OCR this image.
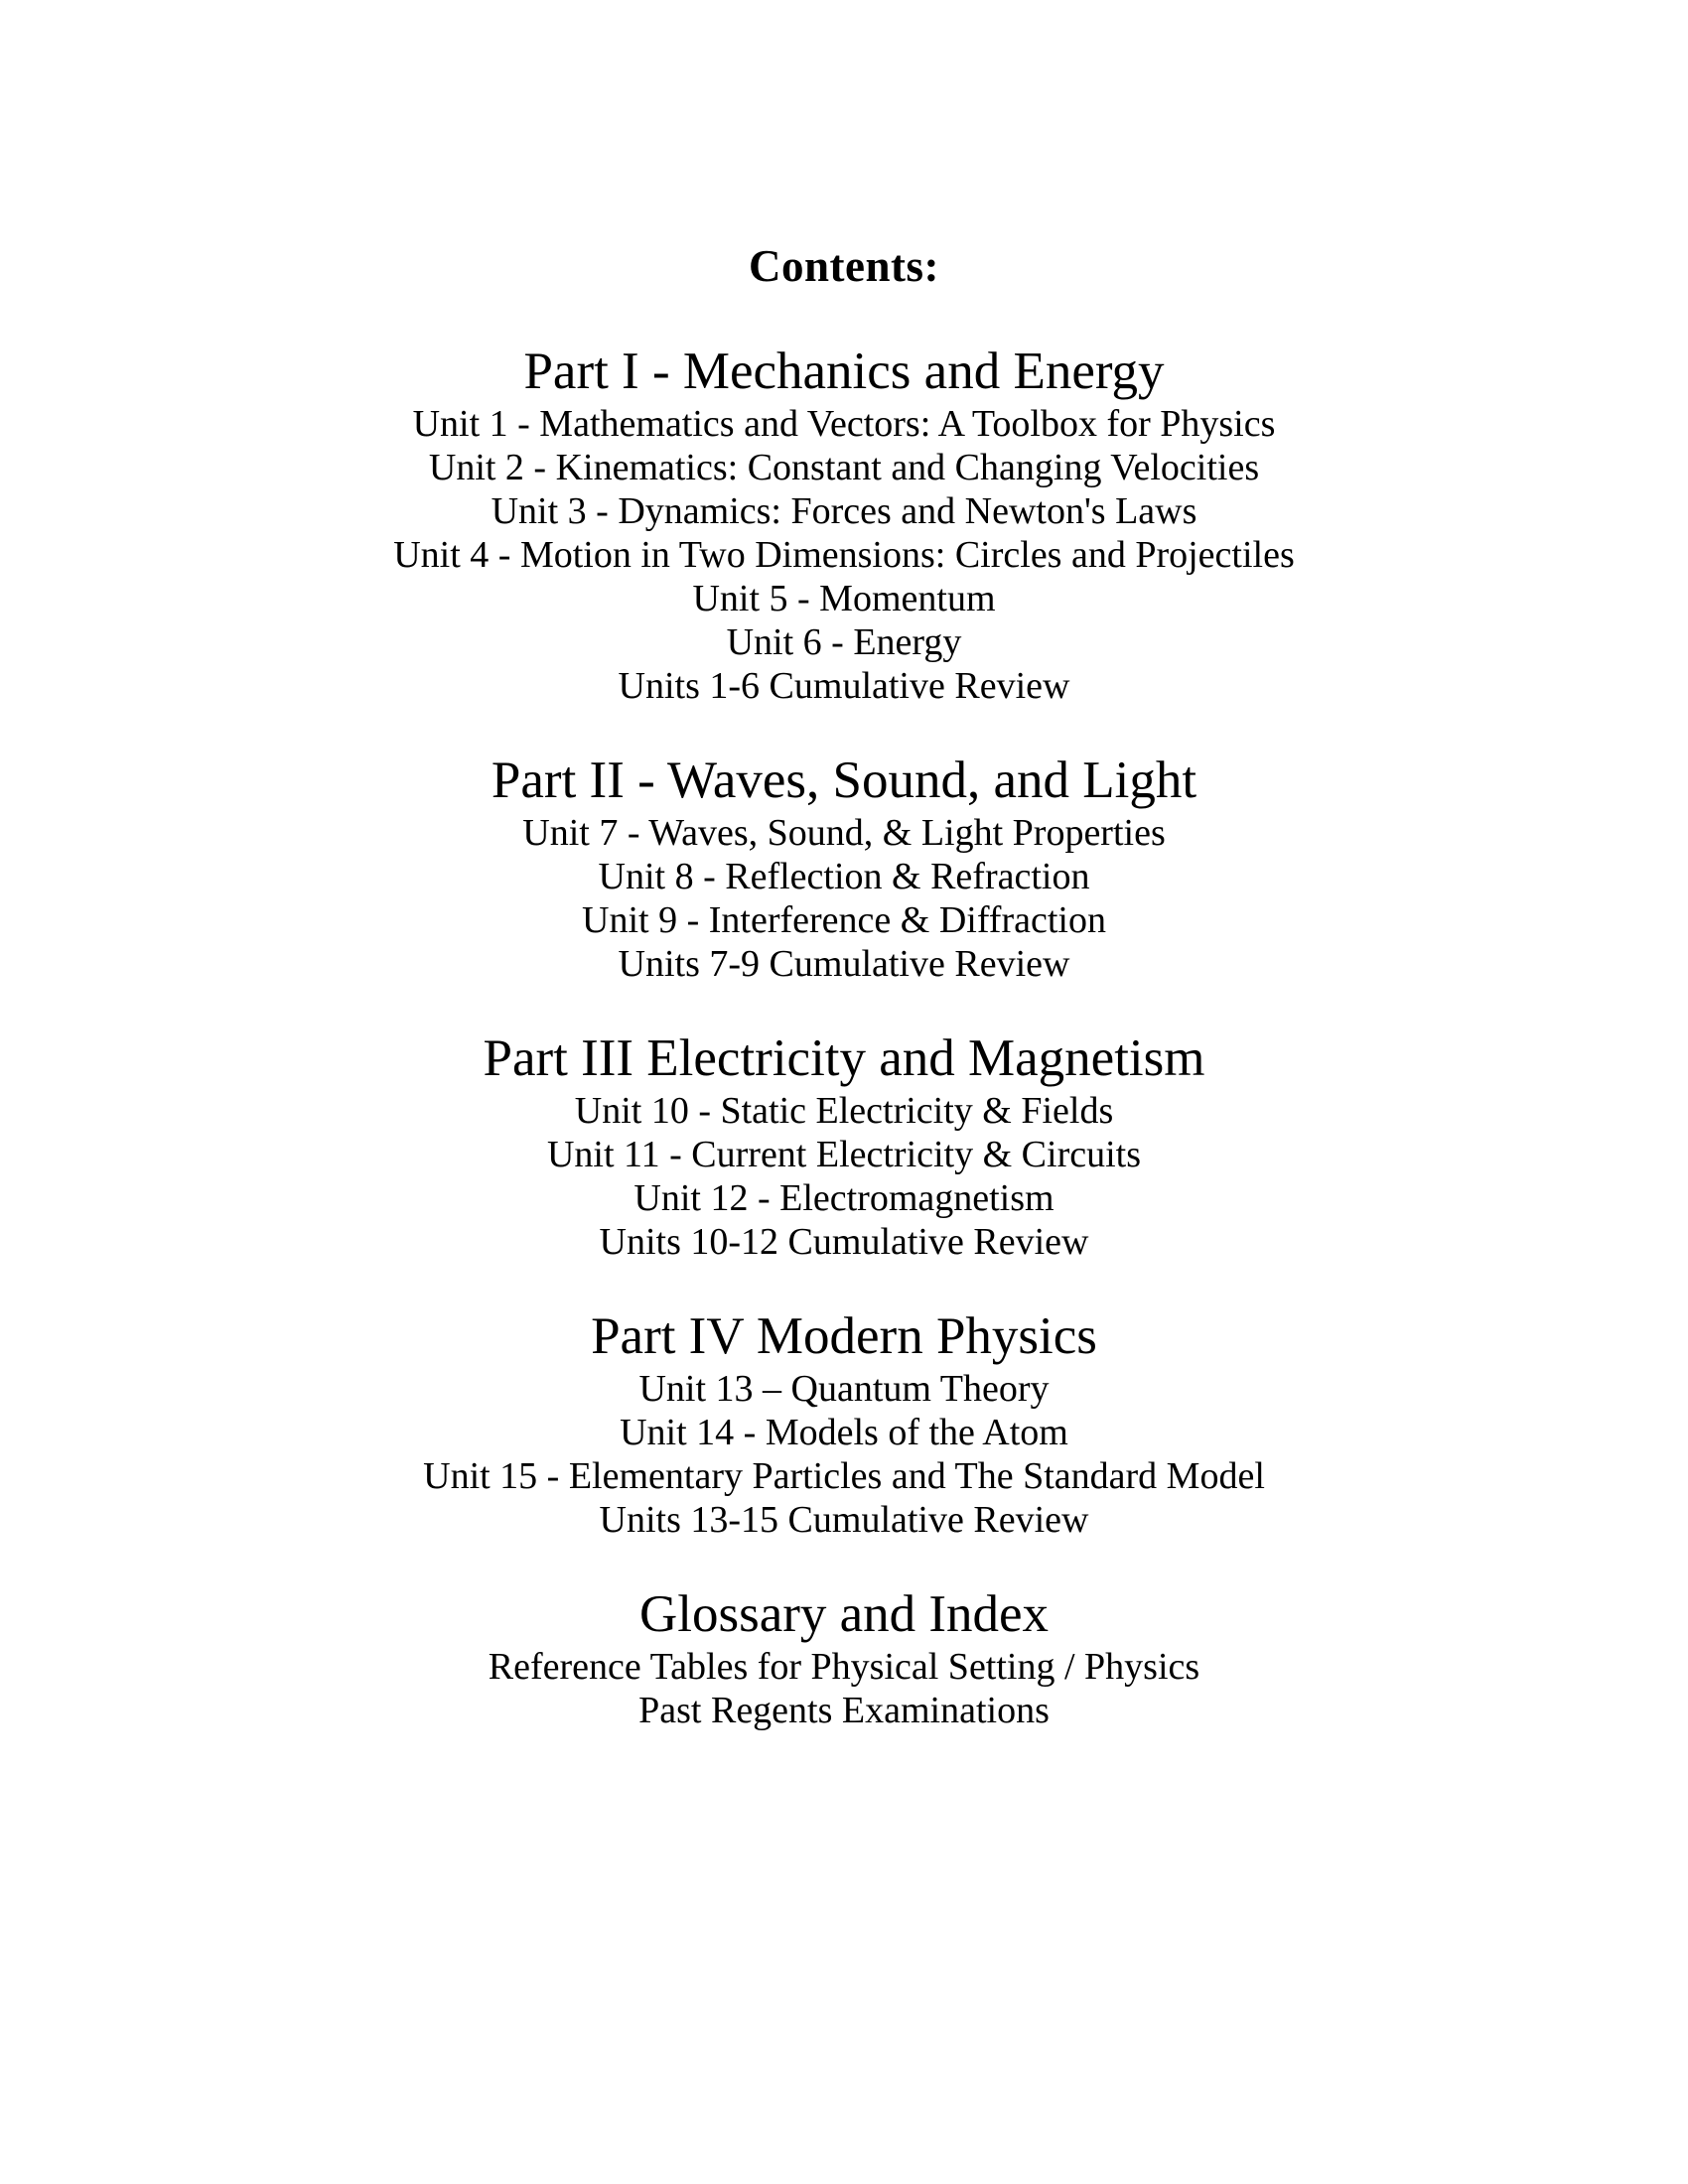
Contents:
Part I - Mechanics and Energy
Unit 1 - Mathematics and Vectors: A Toolbox for Physics
Unit 2 - Kinematics: Constant and Changing Velocities
Unit 3 - Dynamics: Forces and Newton's Laws
Unit 4 - Motion in Two Dimensions: Circles and Projectiles
Unit 5 - Momentum
Unit 6 - Energy
Units 1-6 Cumulative Review
Part II - Waves, Sound, and Light
Unit 7 - Waves, Sound, & Light Properties
Unit 8 - Reflection & Refraction
Unit 9 - Interference & Diffraction
Units 7-9 Cumulative Review
Part III Electricity and Magnetism
Unit 10 - Static Electricity & Fields
Unit 11 - Current Electricity & Circuits
Unit 12 - Electromagnetism
Units 10-12 Cumulative Review
Part IV Modern Physics
Unit 13 – Quantum Theory
Unit 14 - Models of the Atom
Unit 15 - Elementary Particles and The Standard Model
Units 13-15 Cumulative Review
Glossary and Index
Reference Tables for Physical Setting / Physics
Past Regents Examinations
